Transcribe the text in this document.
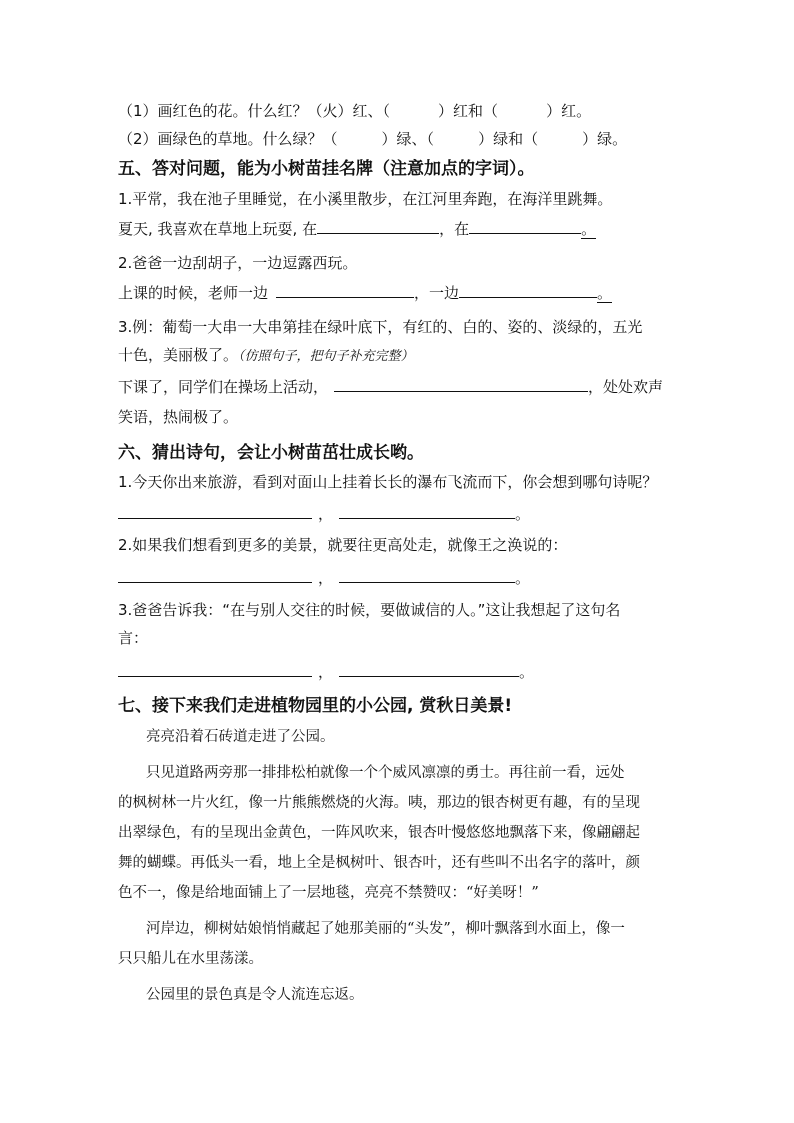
（1）画红色的花。什么红？（火）红、（	）红和（	）红。
（2）画绿色的草地。什么绿？（	）绿、（	）绿和（	）绿。
五、答对问题，能为小树苗挂名牌（注意加点的字词）。
1.平常，我在池子里睡觉，在小溪里散步，在江河里奔跑，在海洋里跳舞。
夏天, 我喜欢在草地上玩耍, 在	，在	。
2.爸爸一边刮胡子，一边逗露西玩。
上课的时候，老师一边	，一边	。
3.例：葡萄一大串一大串第挂在绿叶底下，有红的、白的、姿的、淡绿的，五光
十色，美丽极了。（仿照句子，把句子补充完整）
下课了，同学们在操场上活动，	，处处欢声
笑语，热闹极了。
六、猜出诗句，会让小树苗茁壮成长哟。
1.今天你出来旅游，看到对面山上挂着长长的瀑布飞流而下，你会想到哪句诗呢？
，	。
2.如果我们想看到更多的美景，就要往更高处走，就像王之涣说的：
，	。
3.爸爸告诉我：“在与别人交往的时候，要做诚信的人。”这让我想起了这句名
言：
，	。
七、接下来我们走进植物园里的小公园, 赏秋日美景!
亮亮沿着石砖道走进了公园。
只见道路两旁那一排排松柏就像一个个威风凛凛的勇士。再往前一看，远处
的枫树林一片火红，像一片熊熊燃烧的火海。咦，那边的银杏树更有趣，有的呈现
出翠绿色，有的呈现出金黄色，一阵风吹来，银杏叶慢悠悠地飘落下来，像翩翩起
舞的蝴蝶。再低头一看，地上全是枫树叶、银杏叶，还有些叫不出名字的落叶，颜
色不一，像是给地面铺上了一层地毯，亮亮不禁赞叹：“好美呀！”
河岸边，柳树姑娘悄悄藏起了她那美丽的“头发”，柳叶飘落到水面上，像一
只只船儿在水里荡漾。
公园里的景色真是令人流连忘返。
